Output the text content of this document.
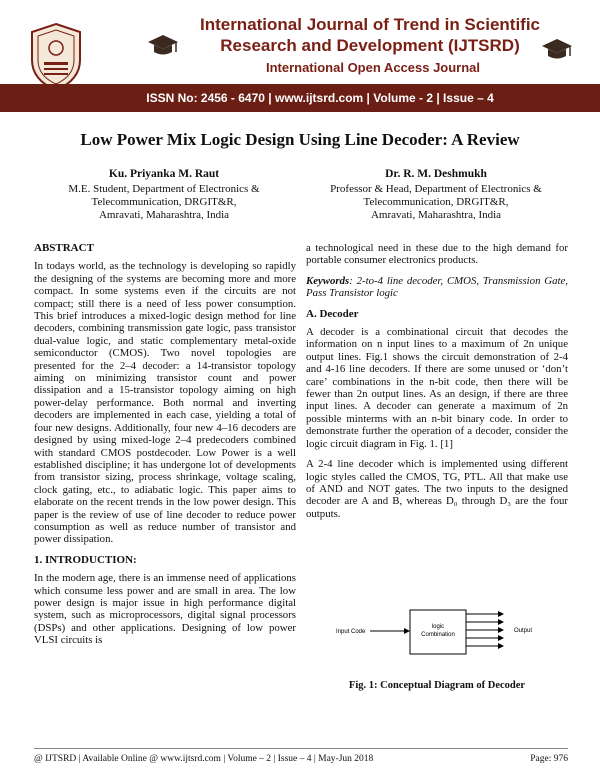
International Journal of Trend in Scientific
Research and Development (IJTSRD)
International Open Access Journal
ISSN No: 2456 - 6470 | www.ijtsrd.com | Volume - 2 | Issue – 4
Low Power Mix Logic Design Using Line Decoder: A Review
Ku. Priyanka M. Raut
M.E. Student, Department of Electronics &
Telecommunication, DRGIT&R,
Amravati, Maharashtra, India
Dr. R. M. Deshmukh
Professor & Head, Department of Electronics &
Telecommunication, DRGIT&R,
Amravati, Maharashtra, India
ABSTRACT
In todays world, as the technology is developing so rapidly the designing of the systems are becoming more and more compact. In some systems even if the circuits are not compact; still there is a need of less power consumption. This brief introduces a mixed-logic design method for line decoders, combining transmission gate logic, pass transistor dual-value logic, and static complementary metal-oxide semiconductor (CMOS). Two novel topologies are presented for the 2–4 decoder: a 14-transistor topology aiming on minimizing transistor count and power dissipation and a 15-transistor topology aiming on high power-delay performance. Both normal and inverting decoders are implemented in each case, yielding a total of four new designs. Additionally, four new 4–16 decoders are designed by using mixed-loge 2–4 predecoders combined with standard CMOS postdecoder. Low Power is a well established discipline; it has undergone lot of developments from transistor sizing, process shrinkage, voltage scaling, clock gating, etc., to adiabatic logic. This paper aims to elaborate on the recent trends in the low power design. This paper is the review of use of line decoder to reduce power consumption as well as reduce number of transistor and power dissipation.
1. INTRODUCTION:
In the modern age, there is an immense need of applications which consume less power and are small in area. The low power design is major issue in high performance digital system, such as microprocessors, digital signal processors (DSPs) and other applications. Designing of low power VLSI circuits is
a technological need in these due to the high demand for portable consumer electronics products.
Keywords: 2-to-4 line decoder, CMOS, Transmission Gate, Pass Transistor logic
A. Decoder
A decoder is a combinational circuit that decodes the information on n input lines to a maximum of 2n unique output lines. Fig.1 shows the circuit demonstration of 2-4 and 4-16 line decoders. If there are some unused or ‘don’t care’ combinations in the n-bit code, then there will be fewer than 2n output lines. As an design, if there are three input lines. A decoder can generate a maximum of 2n possible minterms with an n-bit binary code. In order to demonstrate further the operation of a decoder, consider the logic circuit diagram in Fig. 1. [1]
A 2-4 line decoder which is implemented using different logic styles called the CMOS, TG, PTL. All that make use of AND and NOT gates. The two inputs to the designed decoder are A and B, whereas D₀ through D₃ are the four outputs.
Input Code
logic
Combination
Output
Fig. 1: Conceptual Diagram of Decoder
@ IJTSRD | Available Online @ www.ijtsrd.com | Volume – 2 | Issue – 4 | May-Jun 2018	Page: 976
